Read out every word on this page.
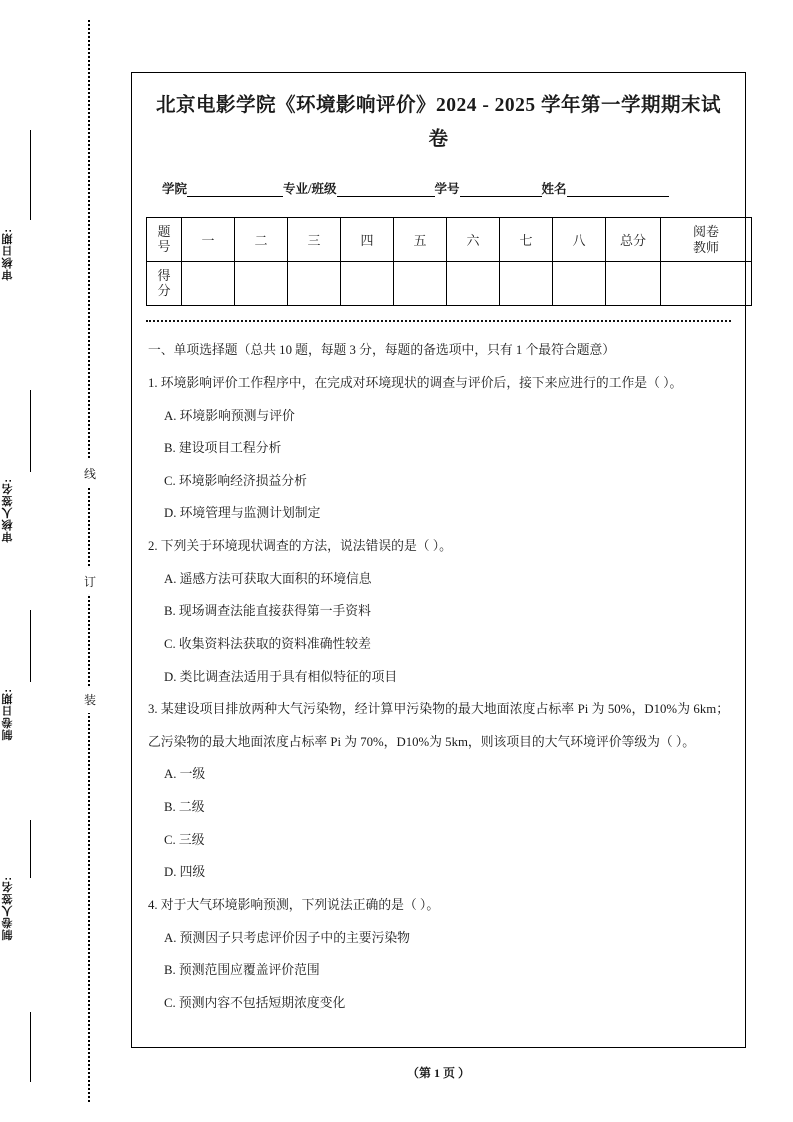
审核日期:
审核人签名:
制卷日期:
制卷人签名:
线
订
装
北京电影学院《环境影响评价》2024 - 2025 学年第一学期期末试卷
学院	专业/班级	学号	姓名
题
号	一	二	三	四	五	六	七	八	总分	阅卷
教师

得
分										

一、单项选择题（总共 10 题，每题 3 分，每题的备选项中，只有 1 个最符合题意）

1. 环境影响评价工作程序中，在完成对环境现状的调查与评价后，接下来应进行的工作是（ ）。

A. 环境影响预测与评价

B. 建设项目工程分析

C. 环境影响经济损益分析

D. 环境管理与监测计划制定

2. 下列关于环境现状调查的方法，说法错误的是（ ）。

A. 遥感方法可获取大面积的环境信息

B. 现场调查法能直接获得第一手资料

C. 收集资料法获取的资料准确性较差

D. 类比调查法适用于具有相似特征的项目

3. 某建设项目排放两种大气污染物，经计算甲污染物的最大地面浓度占标率 Pi 为 50%，D10%为 6km；乙污染物的最大地面浓度占标率 Pi 为 70%，D10%为 5km，则该项目的大气环境评价等级为（ ）。

A. 一级

B. 二级

C. 三级

D. 四级

4. 对于大气环境影响预测，下列说法正确的是（ ）。

A. 预测因子只考虑评价因子中的主要污染物

B. 预测范围应覆盖评价范围

C. 预测内容不包括短期浓度变化

（第 1 页 ）
